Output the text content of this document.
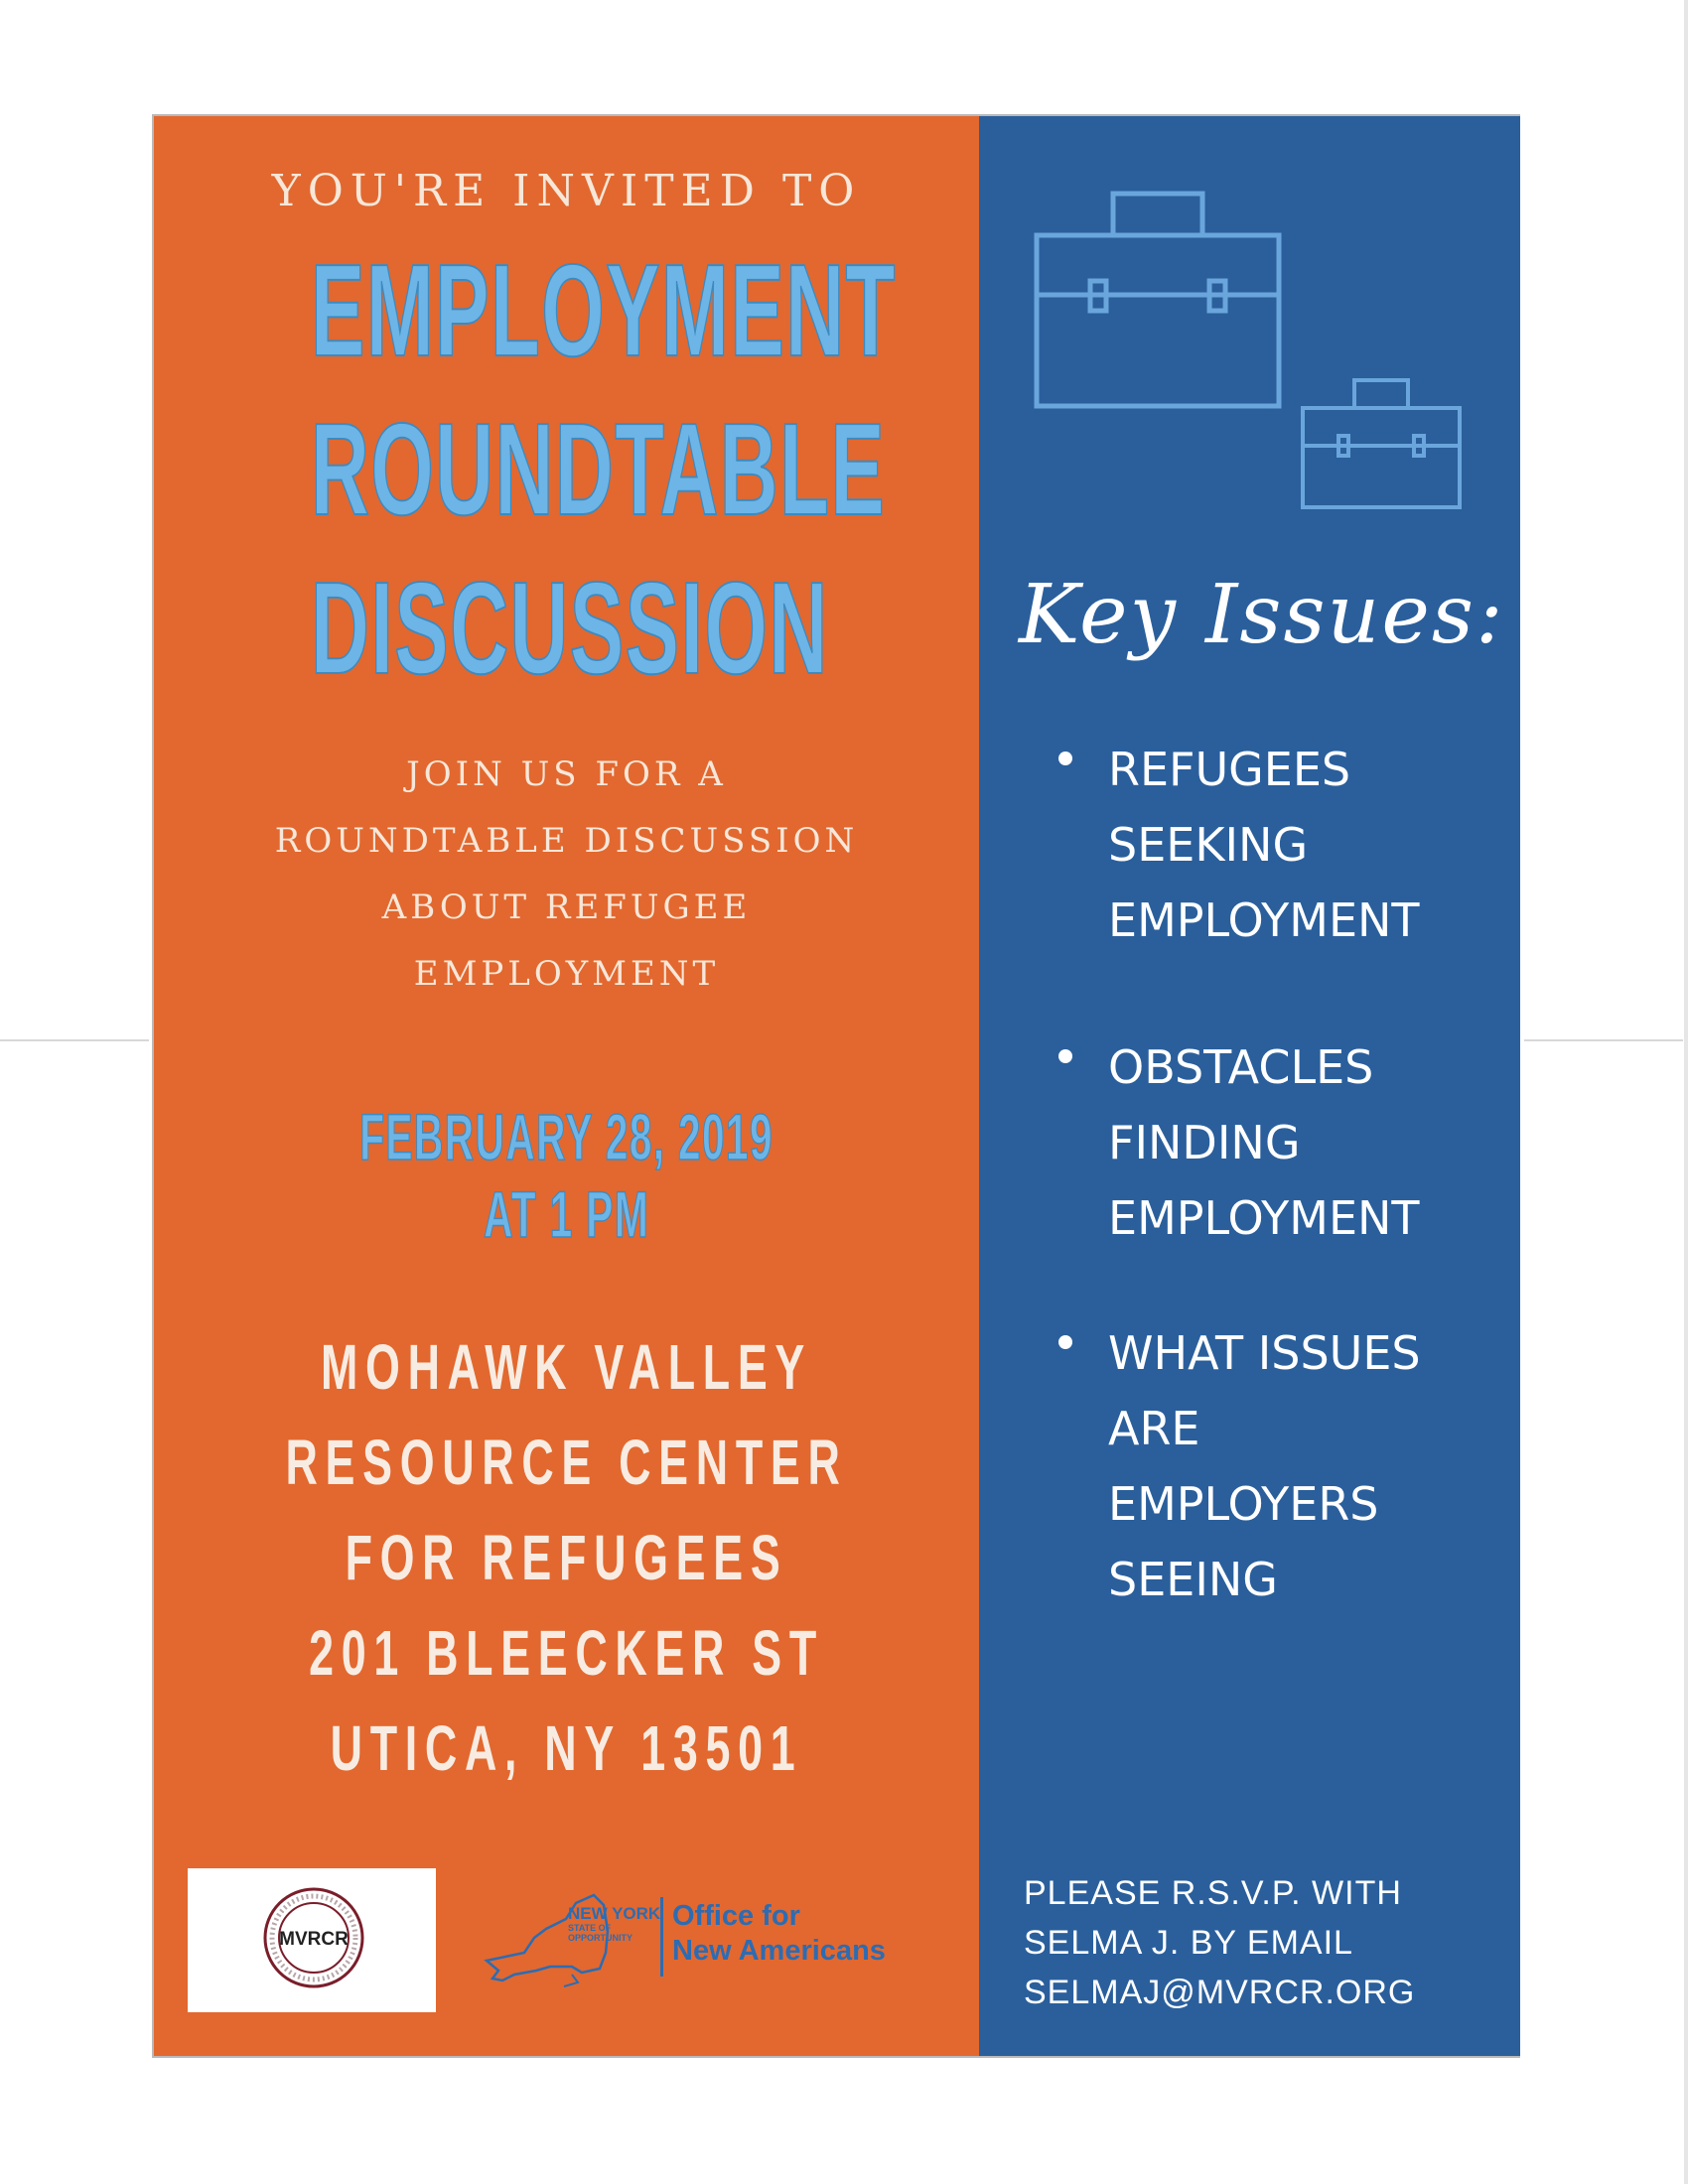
YOU'RE INVITED TO
EMPLOYMENT
ROUNDTABLE
DISCUSSION
JOIN US FOR A
ROUNDTABLE DISCUSSION
ABOUT REFUGEE
EMPLOYMENT
FEBRUARY 28, 2019
AT 1 PM
MOHAWK VALLEY
RESOURCE CENTER
FOR REFUGEES
201 BLEECKER ST
UTICA, NY 13501
MVRCR
NEW YORK
STATE OF
OPPORTUNITY
Office for
New Americans
Key Issues:
REFUGEES
SEEKING
EMPLOYMENT
OBSTACLES
FINDING
EMPLOYMENT
WHAT ISSUES
ARE
EMPLOYERS
SEEING
PLEASE R.S.V.P. WITH
SELMA J. BY EMAIL
SELMAJ@MVRCR.ORG
